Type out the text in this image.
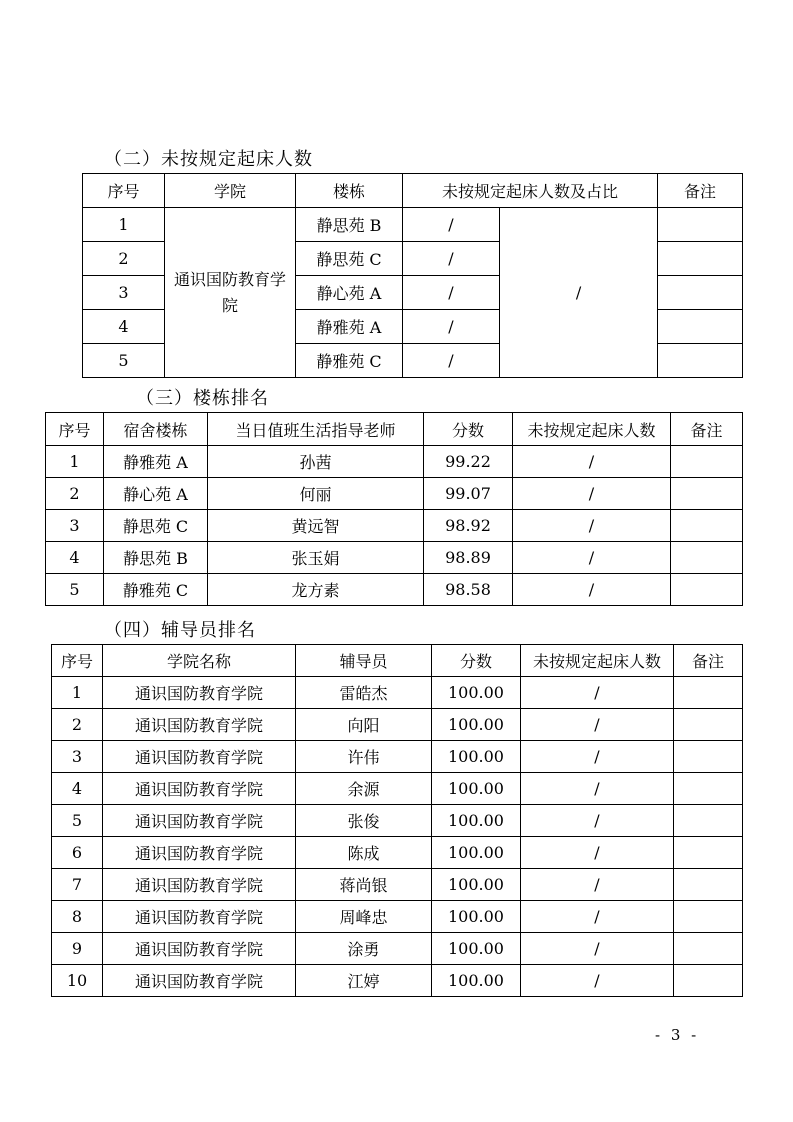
（二）未按规定起床人数
序号	学院	楼栋	未按规定起床人数及占比		备注
1	通识国防教育学院	静思苑 B	/	/	
2		静思苑 C	/		
3		静心苑 A	/		
4		静雅苑 A	/		
5		静雅苑 C	/		
（三）楼栋排名
序号	宿舍楼栋	当日值班生活指导老师	分数	未按规定起床人数	备注
1	静雅苑 A	孙茜	99.22	/	
2	静心苑 A	何丽	99.07	/	
3	静思苑 C	黄远智	98.92	/	
4	静思苑 B	张玉娟	98.89	/	
5	静雅苑 C	龙方素	98.58	/	
（四）辅导员排名
序号	学院名称	辅导员	分数	未按规定起床人数	备注
1	通识国防教育学院	雷皓杰	100.00	/	
2	通识国防教育学院	向阳	100.00	/	
3	通识国防教育学院	许伟	100.00	/	
4	通识国防教育学院	余源	100.00	/	
5	通识国防教育学院	张俊	100.00	/	
6	通识国防教育学院	陈成	100.00	/	
7	通识国防教育学院	蒋尚银	100.00	/	
8	通识国防教育学院	周峰忠	100.00	/	
9	通识国防教育学院	涂勇	100.00	/	
10	通识国防教育学院	江婷	100.00	/	
- 3 -
